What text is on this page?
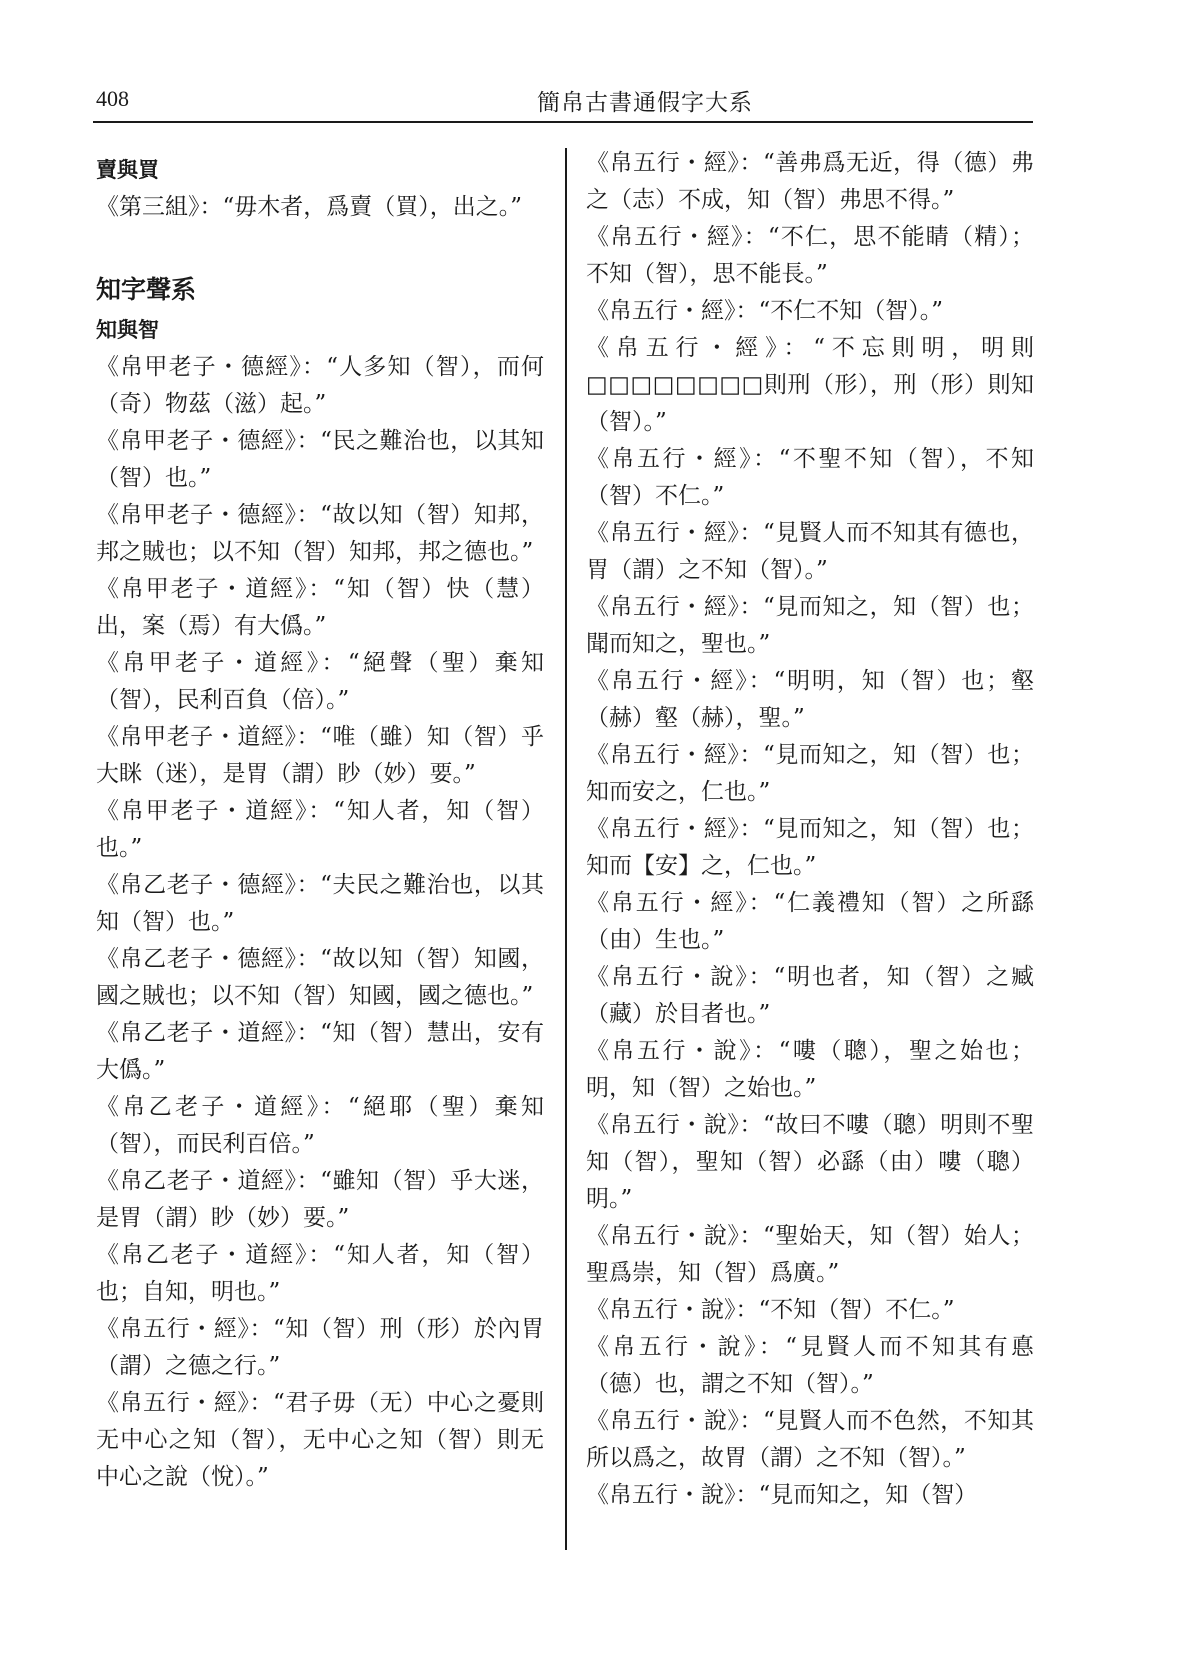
408	簡帛古書通假字大系

賣與買

《第三組》：“毋木者，爲賣（買），出之。”

知字聲系

知與智

《帛甲老子・德經》：“人多知（智），而何（奇）物茲（滋）起。”

《帛甲老子・德經》：“民之難治也，以其知（智）也。”

《帛甲老子・德經》：“故以知（智）知邦，邦之賊也；以不知（智）知邦，邦之德也。”

《帛甲老子・道經》：“知（智）快（慧）出，案（焉）有大僞。”

《帛甲老子・道經》：“絕聲（聖）棄知（智），民利百負（倍）。”

《帛甲老子・道經》：“唯（雖）知（智）乎大眯（迷），是胃（謂）眇（妙）要。”

《帛甲老子・道經》：“知人者，知（智）也。”

《帛乙老子・德經》：“夫民之難治也，以其知（智）也。”

《帛乙老子・德經》：“故以知（智）知國，國之賊也；以不知（智）知國，國之德也。”

《帛乙老子・道經》：“知（智）慧出，安有大僞。”

《帛乙老子・道經》：“絕耶（聖）棄知（智），而民利百倍。”

《帛乙老子・道經》：“雖知（智）乎大迷，是胃（謂）眇（妙）要。”

《帛乙老子・道經》：“知人者，知（智）也；自知，明也。”

《帛五行・經》：“知（智）刑（形）於內胃（謂）之德之行。”

《帛五行・經》：“君子毋（无）中心之憂則无中心之知（智），无中心之知（智）則无中心之說（悅）。”

《帛五行・經》：“善弗爲无近，得（德）弗之（志）不成，知（智）弗思不得。”

《帛五行・經》：“不仁，思不能睛（精）；不知（智），思不能長。”

《帛五行・經》：“不仁不知（智）。”

《帛五行・經》：“不忘則明，明則□□□□□□□□則刑（形），刑（形）則知（智）。”

《帛五行・經》：“不聖不知（智），不知（智）不仁。”

《帛五行・經》：“見賢人而不知其有德也，胃（謂）之不知（智）。”

《帛五行・經》：“見而知之，知（智）也；聞而知之，聖也。”

《帛五行・經》：“明明，知（智）也；壑（赫）壑（赫），聖。”

《帛五行・經》：“見而知之，知（智）也；知而安之，仁也。”

《帛五行・經》：“見而知之，知（智）也；知而【安】之，仁也。”

《帛五行・經》：“仁義禮知（智）之所繇（由）生也。”

《帛五行・說》：“明也者，知（智）之臧（藏）於目者也。”

《帛五行・說》：“嘍（聰），聖之始也；明，知（智）之始也。”

《帛五行・說》：“故曰不嘍（聰）明則不聖知（智），聖知（智）必繇（由）嘍（聰）明。”

《帛五行・說》：“聖始天，知（智）始人；聖爲崇，知（智）爲廣。”

《帛五行・說》：“不知（智）不仁。”

《帛五行・說》：“見賢人而不知其有悳（德）也，謂之不知（智）。”

《帛五行・說》：“見賢人而不色然，不知其所以爲之，故胃（謂）之不知（智）。”

《帛五行・說》：“見而知之，知（智）
